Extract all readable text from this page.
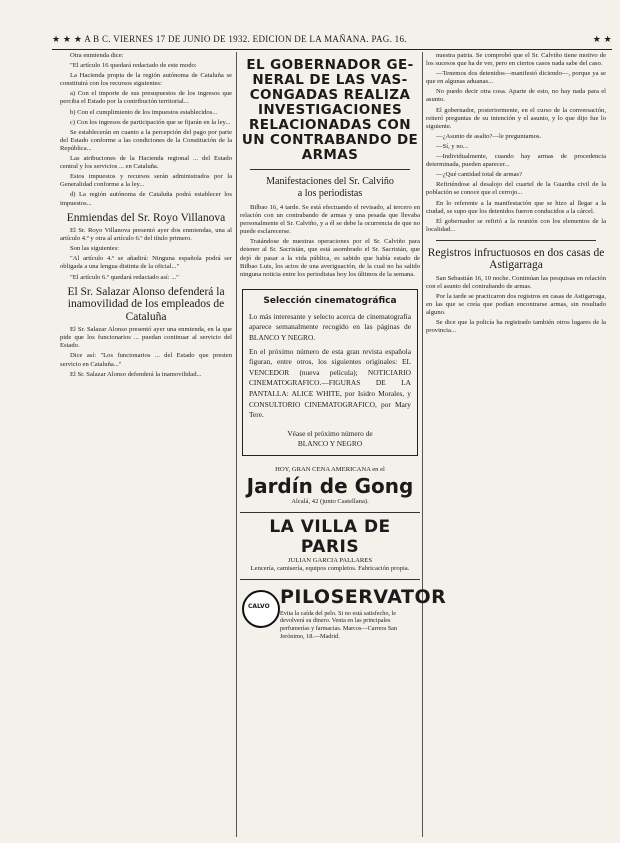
★ ★ ★ A B C. VIERNES 17 DE JUNIO DE 1932. EDICION DE LA MAÑANA. PAG. 16.	★ ★

Otra enmienda dice:

"El artículo 16 quedará redactado de este modo:

La Hacienda propia de la región autónoma de Cataluña se constituirá con los recursos siguientes:

a) Con el importe de sus presupuestos de los ingresos que perciba el Estado por la contribución territorial...

b) Con el cumplimiento de los impuestos establecidos...

c) Con los ingresos de participación que se fijarán en la ley...

Se establecerán en cuanto a la percepción del pago por parte del Estado conforme a las condiciones de la Constitución de la República...

Las atribuciones de la Hacienda regional ... del Estado central y los servicios ... en Cataluña.

Estos impuestos y recursos serán administrados por la Generalidad conforme a la ley...

d) La región autónoma de Cataluña podrá establecer los impuestos...

Enmiendas del Sr. Royo Villanova

El Sr. Royo Villanova presentó ayer dos enmiendas, una al artículo 4.º y otra al artículo 6.º del título primero.

Son las siguientes:

"Al artículo 4.º se añadirá: Ninguna española podrá ser obligada a una lengua distinta de la oficial..."

"El artículo 6.º quedará redactado así: ..."

El Sr. Salazar Alonso defenderá la inamovilidad de los empleados de Cataluña

El Sr. Salazar Alonso presentó ayer una enmienda, en la que pide que los funcionarios ... puedan continuar al servicio del Estado.

Dice así: "Los funcionarios ... del Estado que presten servicio en Cataluña..."

El Sr. Salazar Alonso defenderá la inamovilidad...

EL GOBERNADOR GE-
NERAL DE LAS VAS-
CONGADAS REALIZA
INVESTIGACIONES
RELACIONADAS CON
UN CONTRABANDO DE
ARMAS
Manifestaciones del Sr. Calviño
a los periodistas

Bilbao 16, 4 tarde. Se está efectuando el revisado, al tercero en relación con un contrabando de armas y una pesada que llevaba personalmente el Sr. Calviño, y a él se debe la ocurrencia de que no puede esclarecerse.

Tratándose de nuestras operaciones por el Sr. Calviño para detener al Sr. Sacristán, que está asombrado el Sr. Sacristán, que dejó de pasar a la vida pública, es sabido que había estado de Bilbao Luis, los actos de una averiguación, de la cual no ha salido ninguna noticia entre los periodistas hoy los últimos de la semana.

Selección cinematográfica
Lo más interesante y selecto acerca de cinematografía aparece semanalmente recogido en las páginas de BLANCO Y NEGRO.
En el próximo número de esta gran revista española figuran, entre otros, los siguientes originales: EL VENCEDOR (nueva película); NOTICIARIO CINEMATOGRAFICO.—FIGURAS DE LA PANTALLA: ALICE WHITE, por Isidro Morales, y CONSULTORIO CINEMATOGRAFICO, por Mary Tere.
Véase el próximo número de
BLANCO Y NEGRO
HOY, GRAN CENA AMERICANA en el
Jardín de Gong
Alcalá, 42 (junto Castellana).
LA VILLA DE PARIS
JULIAN GARCIA PALLARES
Lencería, camisería, equipos completos. Fabricación propia.
CALVO PILOSERVATOR
Evita la caída del pelo. Si no está satisfecho, le devolverá su dinero. Venta en las principales perfumerías y farmacias. Marcos—Carrera San Jerónimo, 18.—Madrid.

nuestra patria. Se comprobó que el Sr. Calviño tiene motivo de los sucesos que ha de ver, pero en ciertos casos nada sabe del caso.

—Tenemos dos detenidos—manifestó diciendo—, porque ya se que en algunas aduanas...

No puedo decir otra cosa. Aparte de esto, no hay nada para el asunto.

El gobernador, posteriormente, en el curso de la conversación, reiteró preguntas de su intención y el asunto, y lo que dijo fue lo siguiente.

—¿Asunto de asalto?—le preguntamos.

—Sí, y no...

—Individualmente, cuando hay armas de procedencia determinada, pueden aparecer...

—¿Qué cantidad total de armas?

Refiriéndose al desalojo del cuartel de la Guardia civil de la población se conoce que el cerrojo...

En lo referente a la manifestación que se hizo al llegar a la ciudad, se supo que los detenidos fueron conducidos a la cárcel.

El gobernador se refirió a la reunión con los elementos de la localidad...

Registros infructuosos en dos casas de Astigarraga

San Sebastián 16, 10 noche. Continúan las pesquisas en relación con el asunto del contrabando de armas.

Por la tarde se practicaron dos registros en casas de Astigarraga, en las que se creía que podían encontrarse armas, sin resultado alguno.

Se dice que la policía ha registrado también otros lugares de la provincia...
